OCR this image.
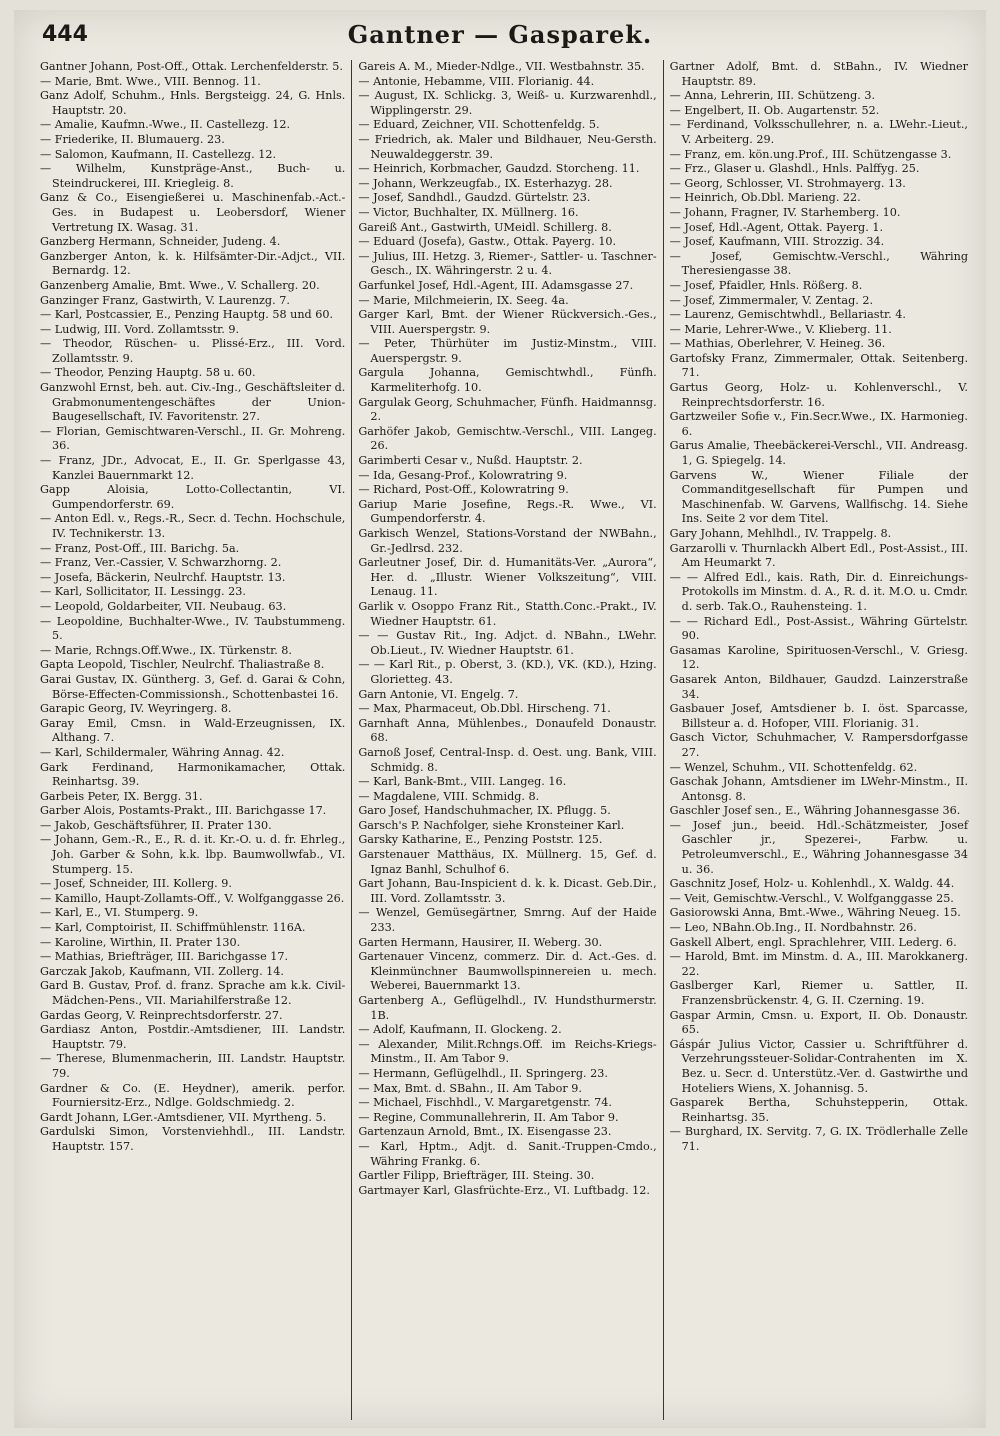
444	Gantner — Gasparek.

Gantner Johann, Post-Off., Ottak. Lerchenfelderstr. 5.

— Marie, Bmt. Wwe., VIII. Bennog. 11.

Ganz Adolf, Schuhm., Hnls. Bergsteigg. 24, G. Hnls. Hauptstr. 20.

— Amalie, Kaufmn.-Wwe., II. Castellezg. 12.

— Friederike, II. Blumauerg. 23.

— Salomon, Kaufmann, II. Castellezg. 12.

— Wilhelm, Kunstpräge-Anst., Buch- u. Steindruckerei, III. Kriegleig. 8.

Ganz & Co., Eisengießerei u. Maschinenfab.-Act.-Ges. in Budapest u. Leobersdorf, Wiener Vertretung IX. Wasag. 31.

Ganzberg Hermann, Schneider, Judeng. 4.

Ganzberger Anton, k. k. Hilfsämter-Dir.-Adjct., VII. Bernardg. 12.

Ganzenberg Amalie, Bmt. Wwe., V. Schallerg. 20.

Ganzinger Franz, Gastwirth, V. Laurenzg. 7.

— Karl, Postcassier, E., Penzing Hauptg. 58 und 60.

— Ludwig, III. Vord. Zollamtsstr. 9.

— Theodor, Rüschen- u. Plissé-Erz., III. Vord. Zollamtsstr. 9.

— Theodor, Penzing Hauptg. 58 u. 60.

Ganzwohl Ernst, beh. aut. Civ.-Ing., Geschäftsleiter d. Grabmonumentengeschäftes der Union-Baugesellschaft, IV. Favoritenstr. 27.

— Florian, Gemischtwaren-Verschl., II. Gr. Mohreng. 36.

— Franz, JDr., Advocat, E., II. Gr. Sperlgasse 43, Kanzlei Bauernmarkt 12.

Gapp Aloisia, Lotto-Collectantin, VI. Gumpendorferstr. 69.

— Anton Edl. v., Regs.-R., Secr. d. Techn. Hochschule, IV. Technikerstr. 13.

— Franz, Post-Off., III. Barichg. 5a.

— Franz, Ver.-Cassier, V. Schwarzhorng. 2.

— Josefa, Bäckerin, Neulrchf. Hauptstr. 13.

— Karl, Sollicitator, II. Lessingg. 23.

— Leopold, Goldarbeiter, VII. Neubaug. 63.

— Leopoldine, Buchhalter-Wwe., IV. Taubstummeng. 5.

— Marie, Rchngs.Off.Wwe., IX. Türkenstr. 8.

Gapta Leopold, Tischler, Neulrchf. Thaliastraße 8.

Garai Gustav, IX. Güntherg. 3, Gef. d. Garai & Cohn, Börse-Effecten-Commissionsh., Schottenbastei 16.

Garapic Georg, IV. Weyringerg. 8.

Garay Emil, Cmsn. in Wald-Erzeugnissen, IX. Althang. 7.

— Karl, Schildermaler, Währing Annag. 42.

Gark Ferdinand, Harmonikamacher, Ottak. Reinhartsg. 39.

Garbeis Peter, IX. Bergg. 31.

Garber Alois, Postamts-Prakt., III. Barichgasse 17.

— Jakob, Geschäftsführer, II. Prater 130.

— Johann, Gem.-R., E., R. d. it. Kr.-O. u. d. fr. Ehrleg., Joh. Garber & Sohn, k.k. lbp. Baumwollwfab., VI. Stumperg. 15.

— Josef, Schneider, III. Kollerg. 9.

— Kamillo, Haupt-Zollamts-Off., V. Wolfganggasse 26.

— Karl, E., VI. Stumperg. 9.

— Karl, Comptoirist, II. Schiffmühlenstr. 116A.

— Karoline, Wirthin, II. Prater 130.

— Mathias, Briefträger, III. Barichgasse 17.

Garczak Jakob, Kaufmann, VII. Zollerg. 14.

Gard B. Gustav, Prof. d. franz. Sprache am k.k. Civil-Mädchen-Pens., VII. Mariahilferstraße 12.

Gardas Georg, V. Reinprechtsdorferstr. 27.

Gardiasz Anton, Postdir.-Amtsdiener, III. Landstr. Hauptstr. 79.

— Therese, Blumenmacherin, III. Landstr. Hauptstr. 79.

Gardner & Co. (E. Heydner), amerik. perfor. Fourniersitz-Erz., Ndlge. Goldschmiedg. 2.

Gardt Johann, LGer.-Amtsdiener, VII. Myrtheng. 5.

Gardulski Simon, Vorstenviehhdl., III. Landstr. Hauptstr. 157.

Gareis A. M., Mieder-Ndlge., VII. Westbahnstr. 35.

— Antonie, Hebamme, VIII. Florianig. 44.

— August, IX. Schlickg. 3, Weiß- u. Kurzwarenhdl., Wipplingerstr. 29.

— Eduard, Zeichner, VII. Schottenfeldg. 5.

— Friedrich, ak. Maler und Bildhauer, Neu-Gersth. Neuwaldeggerstr. 39.

— Heinrich, Korbmacher, Gaudzd. Storcheng. 11.

— Johann, Werkzeugfab., IX. Esterhazyg. 28.

— Josef, Sandhdl., Gaudzd. Gürtelstr. 23.

— Victor, Buchhalter, IX. Müllnerg. 16.

Gareiß Ant., Gastwirth, UMeidl. Schillerg. 8.

— Eduard (Josefa), Gastw., Ottak. Payerg. 10.

— Julius, III. Hetzg. 3, Riemer-, Sattler- u. Taschner-Gesch., IX. Währingerstr. 2 u. 4.

Garfunkel Josef, Hdl.-Agent, III. Adamsgasse 27.

— Marie, Milchmeierin, IX. Seeg. 4a.

Garger Karl, Bmt. der Wiener Rückversich.-Ges., VIII. Auerspergstr. 9.

— Peter, Thürhüter im Justiz-Minstm., VIII. Auerspergstr. 9.

Gargula Johanna, Gemischtwhdl., Fünfh. Karmeliterhofg. 10.

Gargulak Georg, Schuhmacher, Fünfh. Haidmannsg. 2.

Garhöfer Jakob, Gemischtw.-Verschl., VIII. Langeg. 26.

Garimberti Cesar v., Nußd. Hauptstr. 2.

— Ida, Gesang-Prof., Kolowratring 9.

— Richard, Post-Off., Kolowratring 9.

Gariup Marie Josefine, Regs.-R. Wwe., VI. Gumpendorferstr. 4.

Garkisch Wenzel, Stations-Vorstand der NWBahn., Gr.-Jedlrsd. 232.

Garleutner Josef, Dir. d. Humanitäts-Ver. „Aurora“, Her. d. „Illustr. Wiener Volkszeitung“, VIII. Lenaug. 11.

Garlik v. Osoppo Franz Rit., Statth.Conc.-Prakt., IV. Wiedner Hauptstr. 61.

— — Gustav Rit., Ing. Adjct. d. NBahn., LWehr. Ob.Lieut., IV. Wiedner Hauptstr. 61.

— — Karl Rit., p. Oberst, 3. (KD.), VK. (KD.), Hzing. Glorietteg. 43.

Garn Antonie, VI. Engelg. 7.

— Max, Pharmaceut, Ob.Dbl. Hirscheng. 71.

Garnhaft Anna, Mühlenbes., Donaufeld Donaustr. 68.

Garnoß Josef, Central-Insp. d. Oest. ung. Bank, VIII. Schmidg. 8.

— Karl, Bank-Bmt., VIII. Langeg. 16.

— Magdalene, VIII. Schmidg. 8.

Garo Josef, Handschuhmacher, IX. Pflugg. 5.

Garsch's P. Nachfolger, siehe Kronsteiner Karl.

Garsky Katharine, E., Penzing Poststr. 125.

Garstenauer Matthäus, IX. Müllnerg. 15, Gef. d. Ignaz Banhl, Schulhof 6.

Gart Johann, Bau-Inspicient d. k. k. Dicast. Geb.Dir., III. Vord. Zollamtsstr. 3.

— Wenzel, Gemüsegärtner, Smrng. Auf der Haide 233.

Garten Hermann, Hausirer, II. Weberg. 30.

Gartenauer Vincenz, commerz. Dir. d. Act.-Ges. d. Kleinmünchner Baumwollspinnereien u. mech. Weberei, Bauernmarkt 13.

Gartenberg A., Geflügelhdl., IV. Hundsthurmerstr. 1B.

— Adolf, Kaufmann, II. Glockeng. 2.

— Alexander, Milit.Rchngs.Off. im Reichs-Kriegs-Minstm., II. Am Tabor 9.

— Hermann, Geflügelhdl., II. Springerg. 23.

— Max, Bmt. d. SBahn., II. Am Tabor 9.

— Michael, Fischhdl., V. Margaretgenstr. 74.

— Regine, Communallehrerin, II. Am Tabor 9.

Gartenzaun Arnold, Bmt., IX. Eisengasse 23.

— Karl, Hptm., Adjt. d. Sanit.-Truppen-Cmdo., Währing Frankg. 6.

Gartler Filipp, Briefträger, III. Steing. 30.

Gartmayer Karl, Glasfrüchte-Erz., VI. Luftbadg. 12.

Gartner Adolf, Bmt. d. StBahn., IV. Wiedner Hauptstr. 89.

— Anna, Lehrerin, III. Schützeng. 3.

— Engelbert, II. Ob. Augartenstr. 52.

— Ferdinand, Volksschullehrer, n. a. LWehr.-Lieut., V. Arbeiterg. 29.

— Franz, em. kön.ung.Prof., III. Schützengasse 3.

— Frz., Glaser u. Glashdl., Hnls. Palffyg. 25.

— Georg, Schlosser, VI. Strohmayerg. 13.

— Heinrich, Ob.Dbl. Marieng. 22.

— Johann, Fragner, IV. Starhemberg. 10.

— Josef, Hdl.-Agent, Ottak. Payerg. 1.

— Josef, Kaufmann, VIII. Strozzig. 34.

— Josef, Gemischtw.-Verschl., Währing Theresiengasse 38.

— Josef, Pfaidler, Hnls. Rößerg. 8.

— Josef, Zimmermaler, V. Zentag. 2.

— Laurenz, Gemischtwhdl., Bellariastr. 4.

— Marie, Lehrer-Wwe., V. Klieberg. 11.

— Mathias, Oberlehrer, V. Heineg. 36.

Gartofsky Franz, Zimmermaler, Ottak. Seitenberg. 71.

Gartus Georg, Holz- u. Kohlenverschl., V. Reinprechtsdorferstr. 16.

Gartzweiler Sofie v., Fin.Secr.Wwe., IX. Harmonieg. 6.

Garus Amalie, Theebäckerei-Verschl., VII. Andreasg. 1, G. Spiegelg. 14.

Garvens W., Wiener Filiale der Commanditgesellschaft für Pumpen und Maschinenfab. W. Garvens, Wallfischg. 14. Siehe Ins. Seite 2 vor dem Titel.

Gary Johann, Mehlhdl., IV. Trappelg. 8.

Garzarolli v. Thurnlackh Albert Edl., Post-Assist., III. Am Heumarkt 7.

— — Alfred Edl., kais. Rath, Dir. d. Einreichungs-Protokolls im Minstm. d. A., R. d. it. M.O. u. Cmdr. d. serb. Tak.O., Rauhensteing. 1.

— — Richard Edl., Post-Assist., Währing Gürtelstr. 90.

Gasamas Karoline, Spirituosen-Verschl., V. Griesg. 12.

Gasarek Anton, Bildhauer, Gaudzd. Lainzerstraße 34.

Gasbauer Josef, Amtsdiener b. I. öst. Sparcasse, Billsteur a. d. Hofoper, VIII. Florianig. 31.

Gasch Victor, Schuhmacher, V. Rampersdorfgasse 27.

— Wenzel, Schuhm., VII. Schottenfeldg. 62.

Gaschak Johann, Amtsdiener im LWehr-Minstm., II. Antonsg. 8.

Gaschler Josef sen., E., Währing Johannesgasse 36.

— Josef jun., beeid. Hdl.-Schätzmeister, Josef Gaschler jr., Spezerei-, Farbw. u. Petroleumverschl., E., Währing Johannesgasse 34 u. 36.

Gaschnitz Josef, Holz- u. Kohlenhdl., X. Waldg. 44.

— Veit, Gemischtw.-Verschl., V. Wolfganggasse 25.

Gasiorowski Anna, Bmt.-Wwe., Währing Neueg. 15.

— Leo, NBahn.Ob.Ing., II. Nordbahnstr. 26.

Gaskell Albert, engl. Sprachlehrer, VIII. Lederg. 6.

— Harold, Bmt. im Minstm. d. A., III. Marokkanerg. 22.

Gaslberger Karl, Riemer u. Sattler, II. Franzensbrückenstr. 4, G. II. Czerning. 19.

Gaspar Armin, Cmsn. u. Export, II. Ob. Donaustr. 65.

Gáspár Julius Victor, Cassier u. Schriftführer d. Verzehrungssteuer-Solidar-Contrahenten im X. Bez. u. Secr. d. Unterstütz.-Ver. d. Gastwirthe und Hoteliers Wiens, X. Johannisg. 5.

Gasparek Bertha, Schuhstepperin, Ottak. Reinhartsg. 35.

— Burghard, IX. Servitg. 7, G. IX. Trödlerhalle Zelle 71.
